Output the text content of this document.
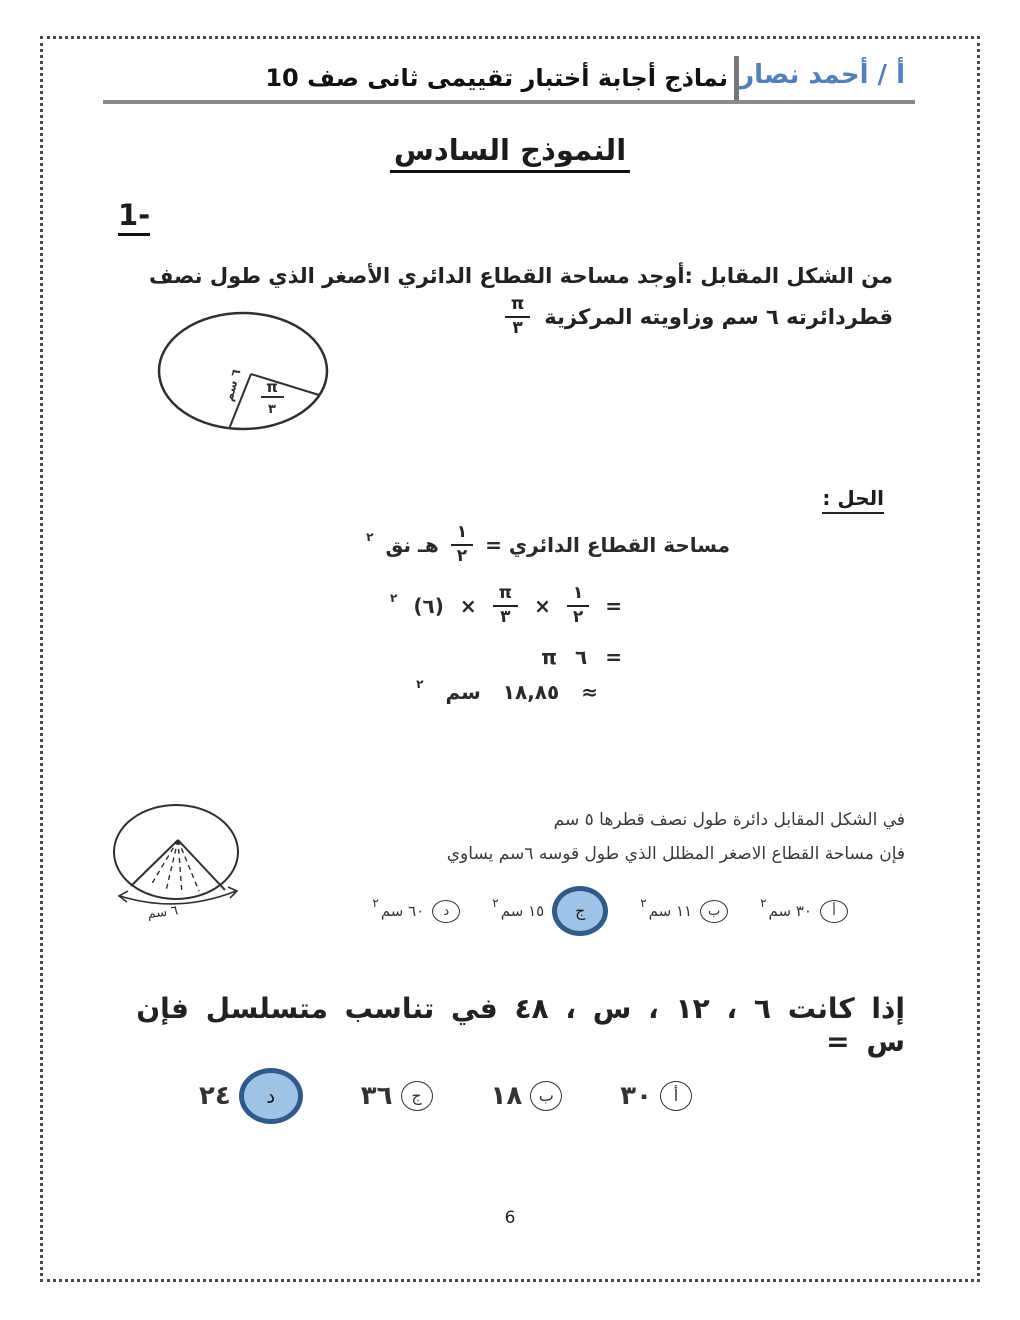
أ / أحمد نصار
نماذج أجابة أختبار تقييمى ثانى صف 10
النموذج السادس
1-
من الشكل المقابل :أوجد مساحة القطاع الدائري الأصغر الذي طول نصف
قطردائرته ٦ سم وزاويته المركزية
$\frac{\pi}{٣}$
π
٣
٦ سم
الحل :
مساحة القطاع الدائري =
$\frac{١}{٢}$
هـ نق
٢
=
$\frac{١}{٢}$
×
$\frac{\pi}{٣}$
×
(٦)
٢
=
٦
π
≈
١٨,٨٥
سم
٢
في الشكل المقابل دائرة طول نصف قطرها ٥ سم
فإن مساحة القطاع الاصغر المظلل الذي طول قوسه ٦سم يساوي
٦ سم	أ
٣٠ سم
٢
ب
١١ سم
٢
ج
١٥ سم
٢
د
٦٠ سم
٢
إذا كانت ٦ ، ١٢ ، س ، ٤٨ في تناسب متسلسل فإن س =
أ
٣٠
ب
١٨
ج
٣٦
د
٢٤
6
